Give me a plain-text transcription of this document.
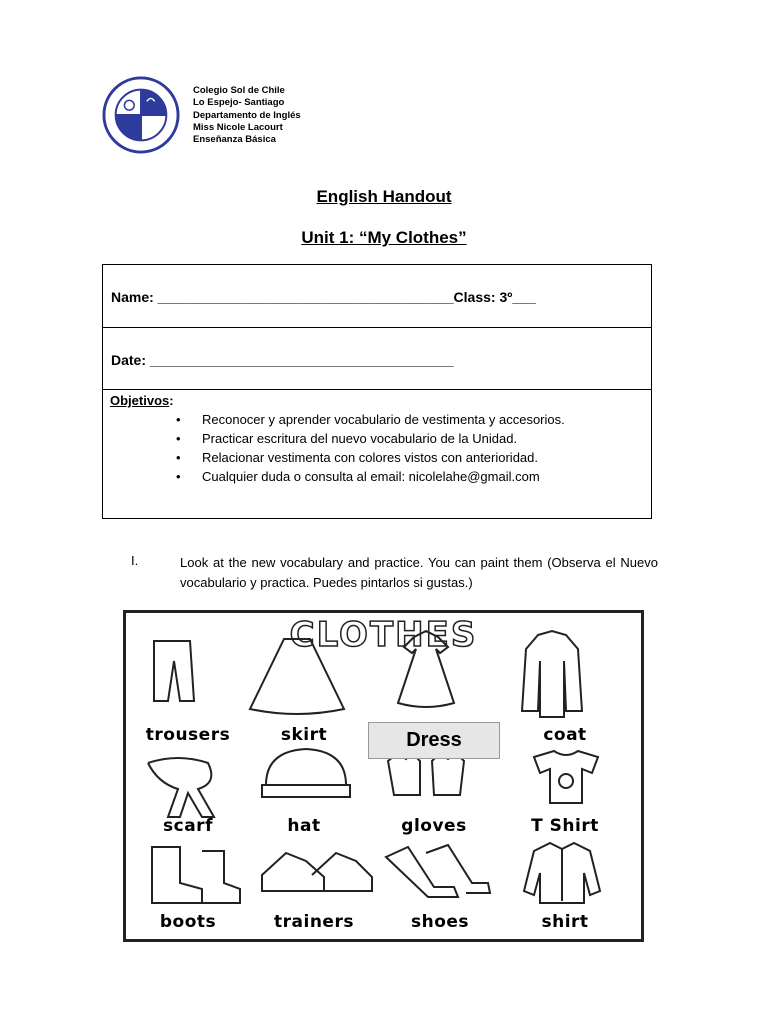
Colegio Sol de Chile
Lo Espejo- Santiago
Departamento de Inglés
Miss Nicole Lacourt
Enseñanza Básica
English Handout
Unit 1: “My Clothes”
Name: ______________________________________Class: 3º___
Date: _______________________________________
Objetivos:
• Reconocer y aprender vocabulario de vestimenta y accesorios.
• Practicar escritura del nuevo vocabulario de la Unidad.
• Relacionar vestimenta con colores vistos con anterioridad.
• Cualquier duda o consulta al email: nicolelahe@gmail.com
I.	Look at the new vocabulary and practice. You can paint them (Observa el Nuevo vocabulario y practica. Puedes pintarlos si gustas.)
CLOTHES
trousers	skirt	Dress	coat
scarf	hat	gloves	T Shirt
boots	trainers	shoes	shirt
